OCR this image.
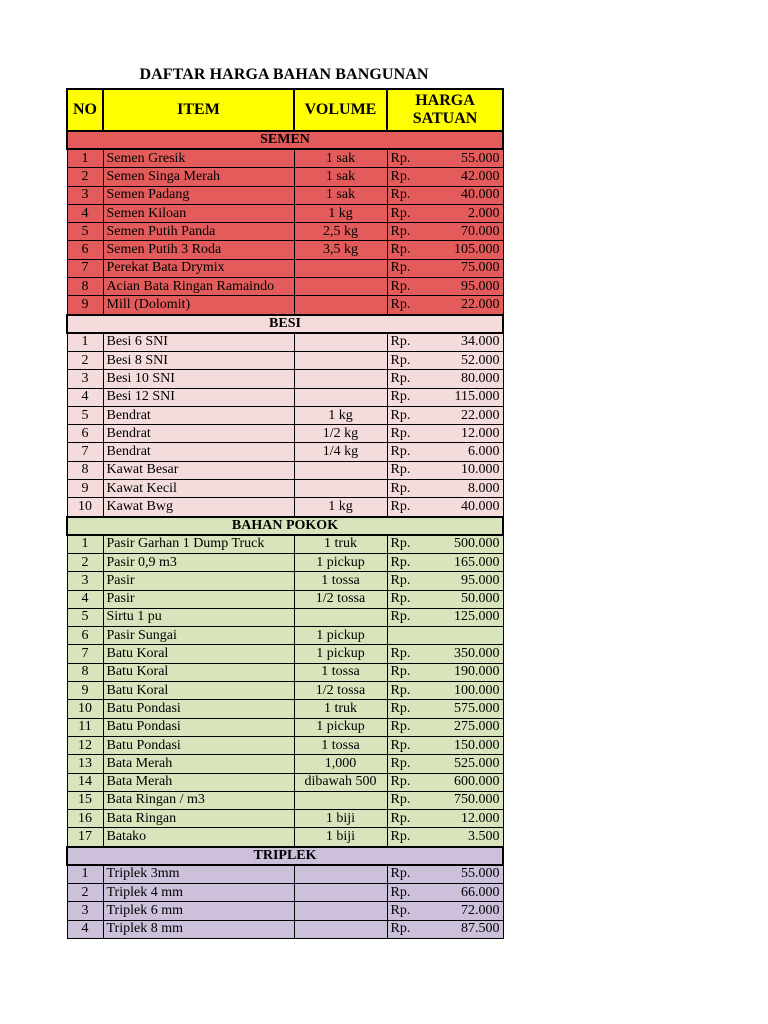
DAFTAR HARGA BAHAN BANGUNAN
NO	ITEM	VOLUME	HARGA
SATUAN	
SEMEN				
1	Semen Gresik	1 sak	Rp.	55.000
2	Semen Singa Merah	1 sak	Rp.	42.000
3	Semen Padang	1 sak	Rp.	40.000
4	Semen Kiloan	1 kg	Rp.	2.000
5	Semen Putih Panda	2,5 kg	Rp.	70.000
6	Semen Putih 3 Roda	3,5 kg	Rp.	105.000
7	Perekat Bata Drymix		Rp.	75.000
8	Acian Bata Ringan Ramaindo		Rp.	95.000
9	Mill (Dolomit)		Rp.	22.000
BESI				
1	Besi 6 SNI		Rp.	34.000
2	Besi 8 SNI		Rp.	52.000
3	Besi 10 SNI		Rp.	80.000
4	Besi 12 SNI		Rp.	115.000
5	Bendrat	1 kg	Rp.	22.000
6	Bendrat	1/2 kg	Rp.	12.000
7	Bendrat	1/4 kg	Rp.	6.000
8	Kawat Besar		Rp.	10.000
9	Kawat Kecil		Rp.	8.000
10	Kawat Bwg	1 kg	Rp.	40.000
BAHAN POKOK				
1	Pasir Garhan 1 Dump Truck	1 truk	Rp.	500.000
2	Pasir 0,9 m3	1 pickup	Rp.	165.000
3	Pasir	1 tossa	Rp.	95.000
4	Pasir	1/2 tossa	Rp.	50.000
5	Sirtu 1 pu		Rp.	125.000
6	Pasir Sungai	1 pickup		
7	Batu Koral	1 pickup	Rp.	350.000
8	Batu Koral	1 tossa	Rp.	190.000
9	Batu Koral	1/2 tossa	Rp.	100.000
10	Batu Pondasi	1 truk	Rp.	575.000
11	Batu Pondasi	1 pickup	Rp.	275.000
12	Batu Pondasi	1 tossa	Rp.	150.000
13	Bata Merah	1,000	Rp.	525.000
14	Bata Merah	dibawah 500	Rp.	600.000
15	Bata Ringan / m3		Rp.	750.000
16	Bata Ringan	1 biji	Rp.	12.000
17	Batako	1 biji	Rp.	3.500
TRIPLEK				
1	Triplek 3mm		Rp.	55.000
2	Triplek 4 mm		Rp.	66.000
3	Triplek 6 mm		Rp.	72.000
4	Triplek 8 mm		Rp.	87.500
